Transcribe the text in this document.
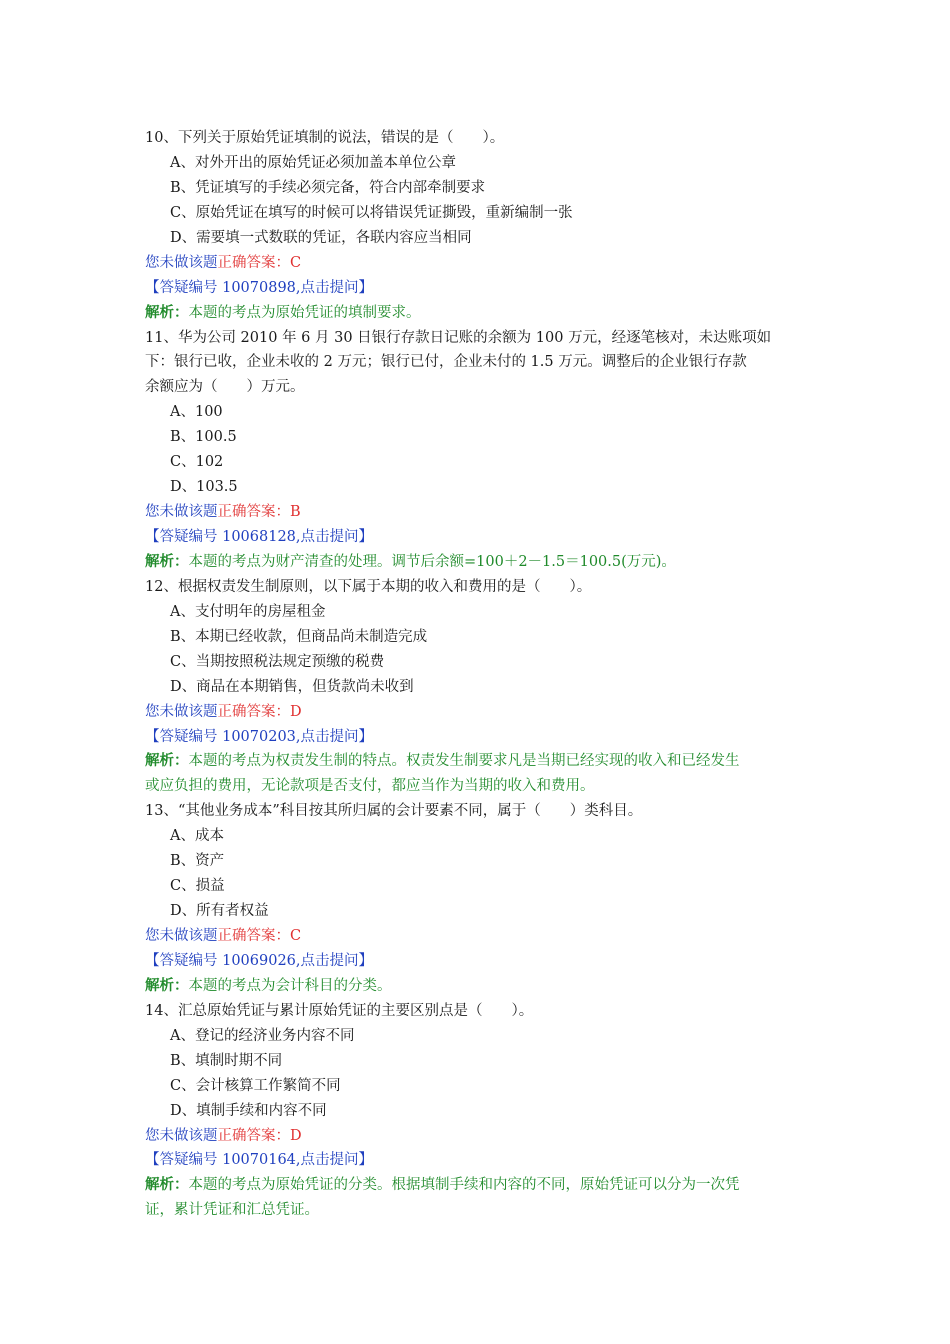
10、下列关于原始凭证填制的说法，错误的是（　　）。
A、对外开出的原始凭证必须加盖本单位公章
B、凭证填写的手续必须完备，符合内部牵制要求
C、原始凭证在填写的时候可以将错误凭证撕毁，重新编制一张
D、需要填一式数联的凭证，各联内容应当相同
您未做该题正确答案：C
【答疑编号 10070898,点击提问】
解析：本题的考点为原始凭证的填制要求。
11、华为公司 2010 年 6 月 30 日银行存款日记账的余额为 100 万元，经逐笔核对，未达账项如
下：银行已收，企业未收的 2 万元；银行已付，企业未付的 1.5 万元。调整后的企业银行存款
余额应为（　　）万元。
A、100
B、100.5
C、102
D、103.5
您未做该题正确答案：B
【答疑编号 10068128,点击提问】
解析：本题的考点为财产清查的处理。调节后余额=100＋2－1.5＝100.5(万元)。
12、根据权责发生制原则，以下属于本期的收入和费用的是（　　）。
A、支付明年的房屋租金
B、本期已经收款，但商品尚未制造完成
C、当期按照税法规定预缴的税费
D、商品在本期销售，但货款尚未收到
您未做该题正确答案：D
【答疑编号 10070203,点击提问】
解析：本题的考点为权责发生制的特点。权责发生制要求凡是当期已经实现的收入和已经发生
或应负担的费用，无论款项是否支付，都应当作为当期的收入和费用。
13、“其他业务成本”科目按其所归属的会计要素不同，属于（　　）类科目。
A、成本
B、资产
C、损益
D、所有者权益
您未做该题正确答案：C
【答疑编号 10069026,点击提问】
解析：本题的考点为会计科目的分类。
14、汇总原始凭证与累计原始凭证的主要区别点是（　　）。
A、登记的经济业务内容不同
B、填制时期不同
C、会计核算工作繁简不同
D、填制手续和内容不同
您未做该题正确答案：D
【答疑编号 10070164,点击提问】
解析：本题的考点为原始凭证的分类。根据填制手续和内容的不同，原始凭证可以分为一次凭
证，累计凭证和汇总凭证。
